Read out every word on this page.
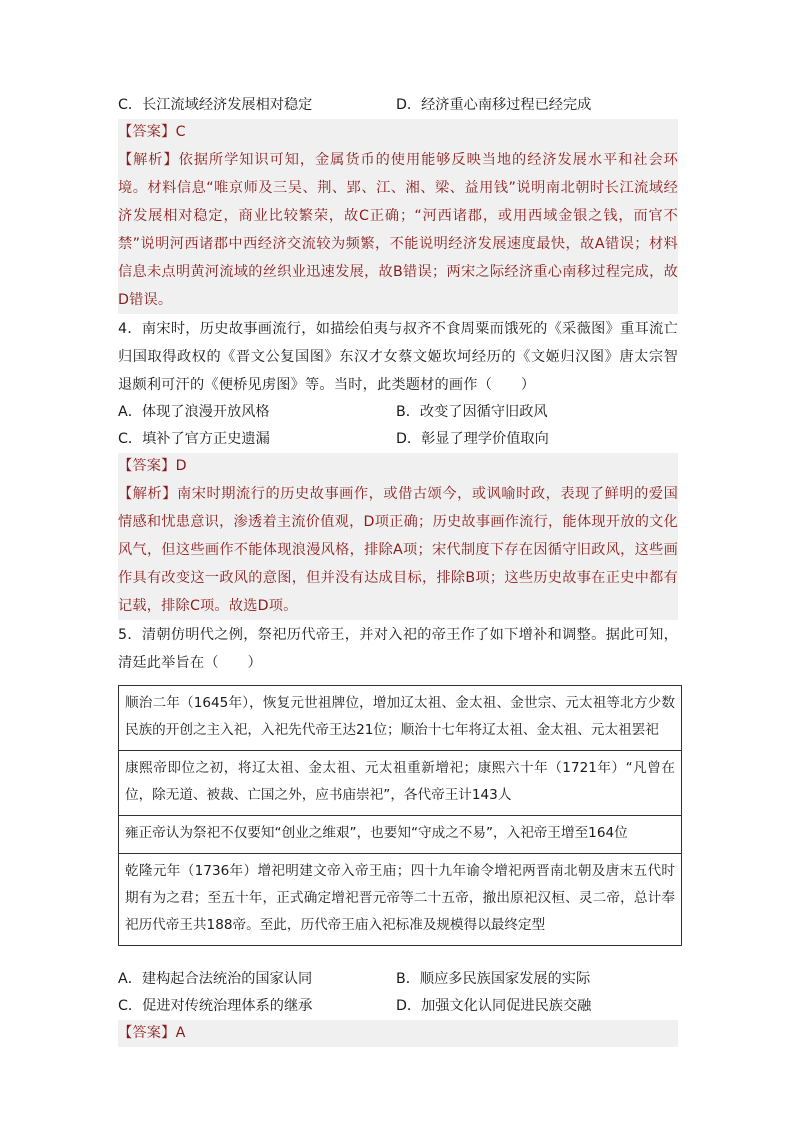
C．长江流域经济发展相对稳定	D．经济重心南移过程已经完成
【答案】C
【解析】依据所学知识可知，金属货币的使用能够反映当地的经济发展水平和社会环境。材料信息“唯京师及三吴、荆、郢、江、湘、梁、益用钱”说明南北朝时长江流域经济发展相对稳定，商业比较繁荣，故C正确；“河西诸郡，或用西域金银之钱，而官不禁”说明河西诸郡中西经济交流较为频繁，不能说明经济发展速度最快，故A错误；材料信息未点明黄河流域的丝织业迅速发展，故B错误；两宋之际经济重心南移过程完成，故D错误。
4．南宋时，历史故事画流行，如描绘伯夷与叔齐不食周粟而饿死的《采薇图》重耳流亡归国取得政权的《晋文公复国图》东汉才女蔡文姬坎坷经历的《文姬归汉图》唐太宗智退颇利可汗的《便桥见虏图》等。当时，此类题材的画作（　　）
A．体现了浪漫开放风格	B．改变了因循守旧政风
C．填补了官方正史遗漏	D．彰显了理学价值取向
【答案】D
【解析】南宋时期流行的历史故事画作，或借古颂今，或讽喻时政，表现了鲜明的爱国情感和忧患意识，渗透着主流价值观，D项正确；历史故事画作流行，能体现开放的文化风气，但这些画作不能体现浪漫风格，排除A项；宋代制度下存在因循守旧政风，这些画作具有改变这一政风的意图，但并没有达成目标，排除B项；这些历史故事在正史中都有记载，排除C项。故选D项。
5．清朝仿明代之例，祭祀历代帝王，并对入祀的帝王作了如下增补和调整。据此可知，清廷此举旨在（　　）
顺治二年（1645年），恢复元世祖牌位，增加辽太祖、金太祖、金世宗、元太祖等北方少数民族的开创之主入祀，入祀先代帝王达21位；顺治十七年将辽太祖、金太祖、元太祖罢祀
康熙帝即位之初，将辽太祖、金太祖、元太祖重新增祀；康熙六十年（1721年）“凡曾在位，除无道、被裁、亡国之外，应书庙崇祀”，各代帝王计143人
雍正帝认为祭祀不仅要知“创业之维艰”，也要知“守成之不易”，入祀帝王增至164位
乾隆元年（1736年）增祀明建文帝入帝王庙；四十九年谕令增祀两晋南北朝及唐末五代时期有为之君；至五十年，正式确定增祀晋元帝等二十五帝，撤出原祀汉桓、灵二帝，总计奉祀历代帝王共188帝。至此，历代帝王庙入祀标准及规模得以最终定型
A．建构起合法统治的国家认同	B．顺应多民族国家发展的实际
C．促进对传统治理体系的继承	D．加强文化认同促进民族交融
【答案】A
